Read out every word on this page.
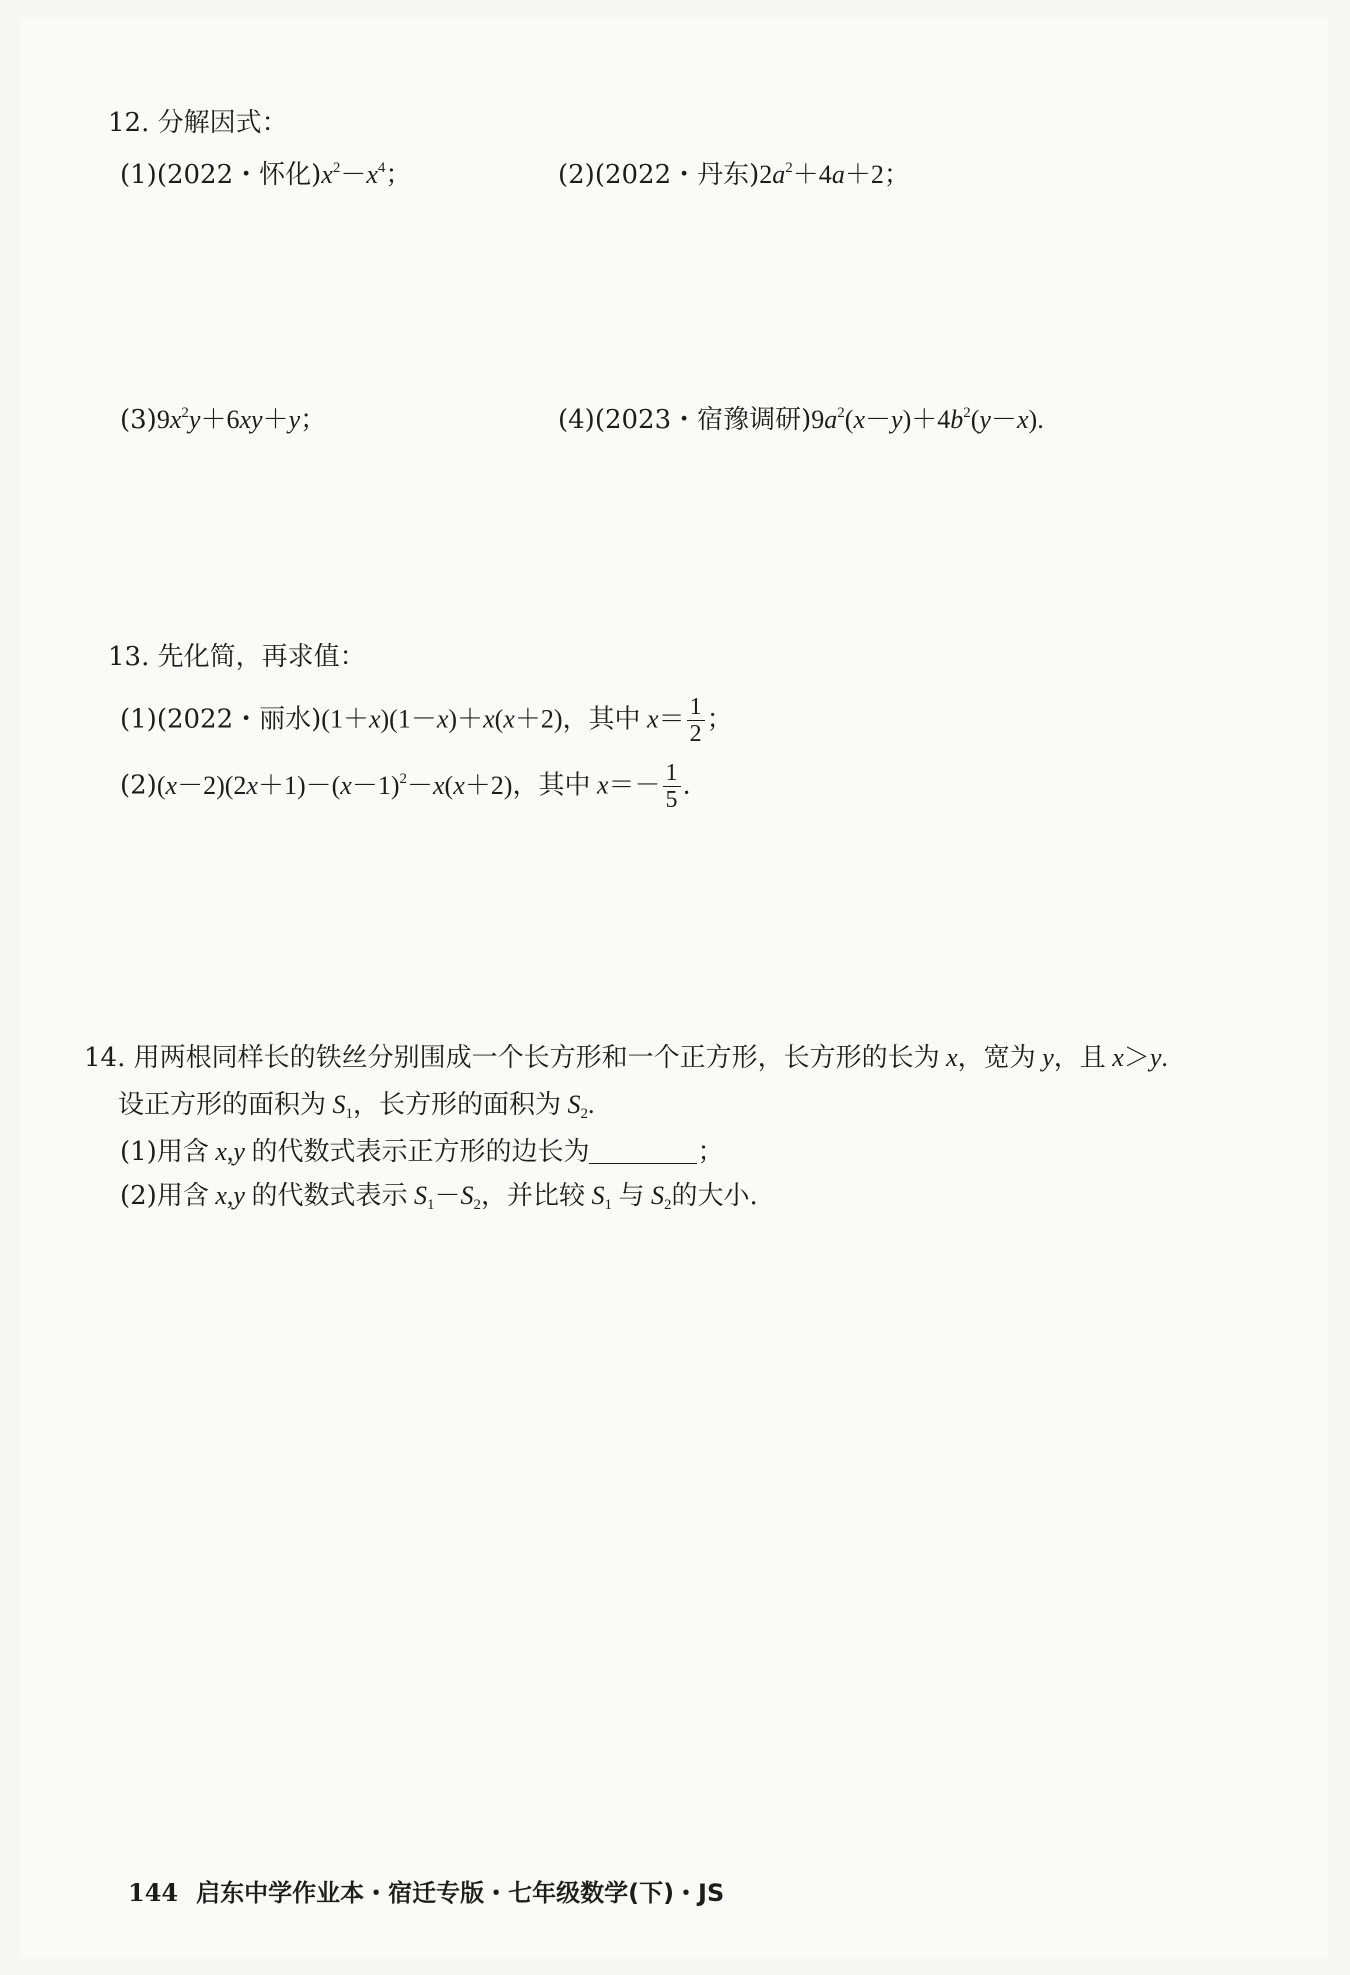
12. 分解因式：
(1)(2022・怀化)$x^2-x^4$；	(2)(2022・丹东)$2a^2+4a+2$；
$(3)9x^2y+6xy+y$；	(4)(2023・宿豫调研)$9a^2(x-y)+4b^2(y-x)$.
13. 先化简，再求值：
(1)(2022・丽水)(1＋x)(1－x)＋x(x＋2)，其中 $x= \frac{1}{2}$ ；
$(2)(x-2)(2x+1)-(x-1)^2-x(x+2)$，其中 $x=- \frac{1}{5}$ .
14. 用两根同样长的铁丝分别围成一个长方形和一个正方形，长方形的长为 x，宽为 y，且 x＞y.
设正方形的面积为 $S_1$，长方形的面积为 $S_2$.
(1)用含 x,y 的代数式表示正方形的边长为	；
(2)用含 x,y 的代数式表示 $S_1-S_2$，并比较 $S_1$ 与 $S_2$的大小.
144 启东中学作业本・宿迁专版・七年级数学(下)・JS
